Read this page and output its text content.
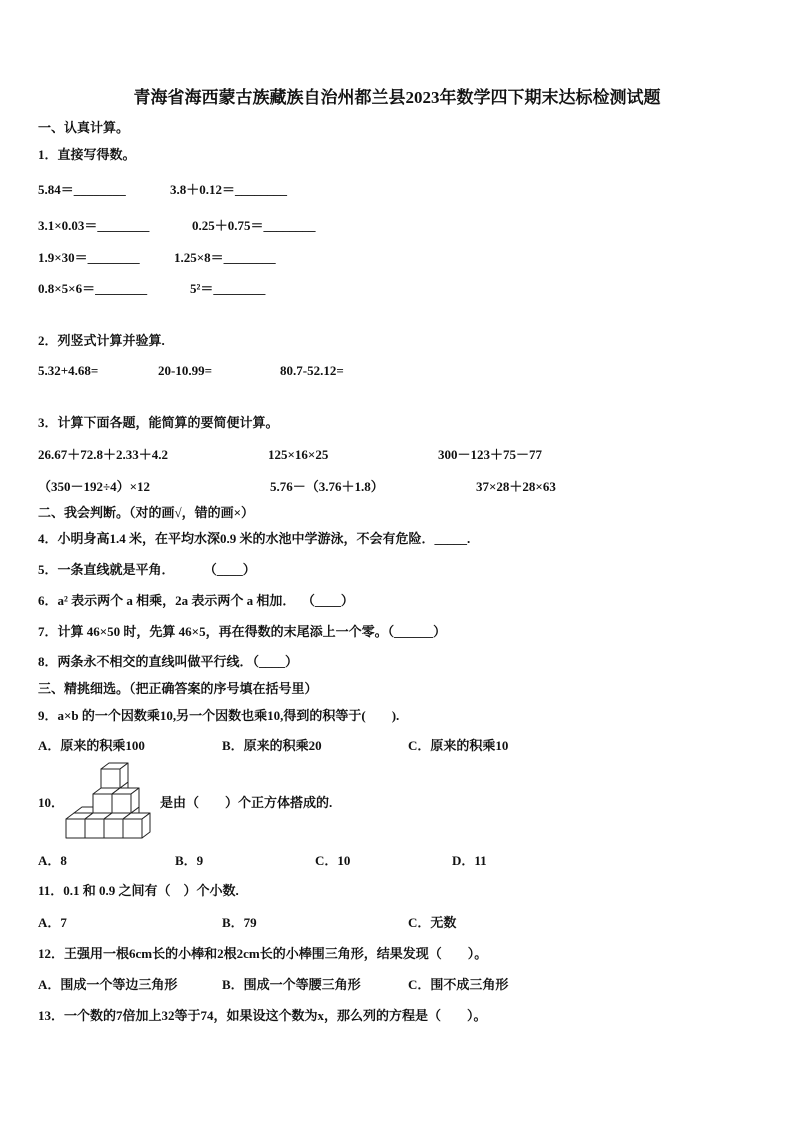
青海省海西蒙古族藏族自治州都兰县2023年数学四下期末达标检测试题
一、认真计算。
1．直接写得数。
5.84＝________	3.8＋0.12＝________
3.1×0.03＝________	0.25＋0.75＝________
1.9×30＝________	1.25×8＝________
0.8×5×6＝________	5²＝________
2．列竖式计算并验算.
5.32+4.68=	20-10.99=	80.7-52.12=
3．计算下面各题，能简算的要简便计算。
26.67＋72.8＋2.33＋4.2	125×16×25	300－123＋75－77
（350－192÷4）×12	5.76－（3.76＋1.8）	37×28＋28×63
二、我会判断。（对的画√，错的画×）
4．小明身高1.4 米，在平均水深0.9 米的水池中学游泳，不会有危险．_____.
5．一条直线就是平角．         （____）
6．a² 表示两个 a 相乘，2a 表示两个 a 相加．  （____）
7．计算 46×50 时，先算 46×5，再在得数的末尾添上一个零。（______）
8．两条永不相交的直线叫做平行线．（____）
三、精挑细选。（把正确答案的序号填在括号里）
9．a×b 的一个因数乘10,另一个因数也乘10,得到的积等于(　　).
A．原来的积乘100	B．原来的积乘20	C．原来的积乘10
10．	是由（　　）个正方体搭成的.
A．8	B．9	C．10	D．11
11．0.1 和 0.9 之间有（　）个小数.
A．7	B．79	C．无数
12．王强用一根6cm长的小棒和2根2cm长的小棒围三角形，结果发现（　　）。
A．围成一个等边三角形	B．围成一个等腰三角形	C．围不成三角形
13．一个数的7倍加上32等于74，如果设这个数为x，那么列的方程是（　　）。
